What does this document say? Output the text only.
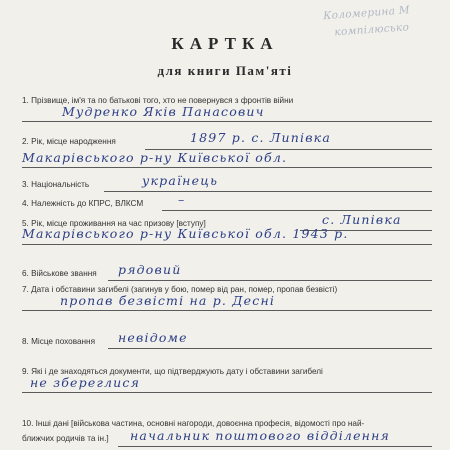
Коломерина М
компілюсько
КАРТКА
для книги Пам'яті
1. Прізвище, ім'я та по батькові того, хто не повернувся з фронтів війни
Мудренко Яків Панасович
2. Рік, місце народження	1897 р. с. Липівка
Макарівського р-ну Київської обл.
3. Національність	українець
4. Належність до КПРС, ВЛКСМ	–
5. Рік, місце проживання на час призову [вступу]	с. Липівка
Макарівського р-ну Київської обл. 1943 р.
6. Військове звання рядовий
7. Дата і обставини загибелі (загинув у бою, помер від ран, помер, пропав безвісті)
пропав безвісті на р. Десні
8. Місце поховання невідоме
9. Які і де знаходяться документи, що підтверджують дату і обставини загибелі
не збереглися
10. Інші дані [військова частина, основні нагороди, довоєнна професія, відомості про най-
ближчих родичів та ін.] начальник поштового відділення
